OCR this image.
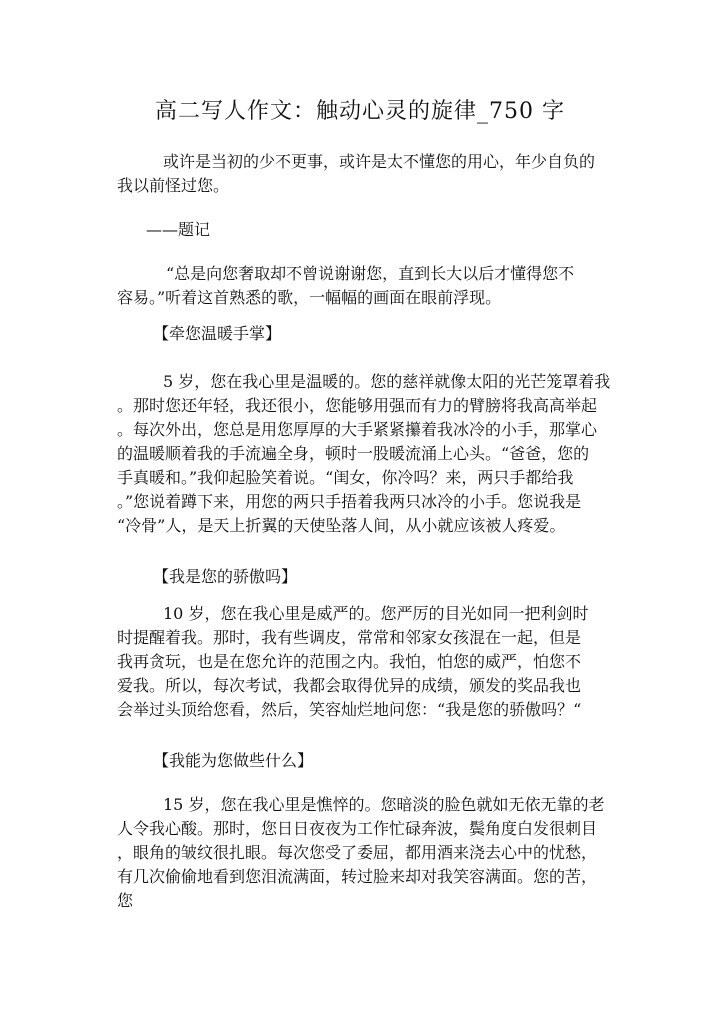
高二写人作文：触动心灵的旋律_750 字
或许是当初的少不更事，或许是太不懂您的用心，年少自负的
我以前怪过您。
——题记
“总是向您奢取却不曾说谢谢您，直到长大以后才懂得您不
容易。”听着这首熟悉的歌，一幅幅的画面在眼前浮现。
【牵您温暖手掌】
5 岁，您在我心里是温暖的。您的慈祥就像太阳的光芒笼罩着我
。那时您还年轻，我还很小，您能够用强而有力的臂膀将我高高举起
。每次外出，您总是用您厚厚的大手紧紧攥着我冰冷的小手，那掌心
的温暖顺着我的手流遍全身，顿时一股暖流涌上心头。“爸爸，您的
手真暖和。”我仰起脸笑着说。“闺女，你冷吗？来，两只手都给我
。”您说着蹲下来，用您的两只手捂着我两只冰冷的小手。您说我是
“冷骨”人，是天上折翼的天使坠落人间，从小就应该被人疼爱。
【我是您的骄傲吗】
10 岁，您在我心里是威严的。您严厉的目光如同一把利剑时
时提醒着我。那时，我有些调皮，常常和邻家女孩混在一起，但是
我再贪玩，也是在您允许的范围之内。我怕，怕您的威严，怕您不
爱我。所以，每次考试，我都会取得优异的成绩，颁发的奖品我也
会举过头顶给您看，然后，笑容灿烂地问您：“我是您的骄傲吗？“
【我能为您做些什么】
15 岁，您在我心里是憔悴的。您暗淡的脸色就如无依无靠的老
人令我心酸。那时，您日日夜夜为工作忙碌奔波，鬓角度白发很刺目
，眼角的皱纹很扎眼。每次您受了委屈，都用酒来浇去心中的忧愁，
有几次偷偷地看到您泪流满面，转过脸来却对我笑容满面。您的苦，
您
